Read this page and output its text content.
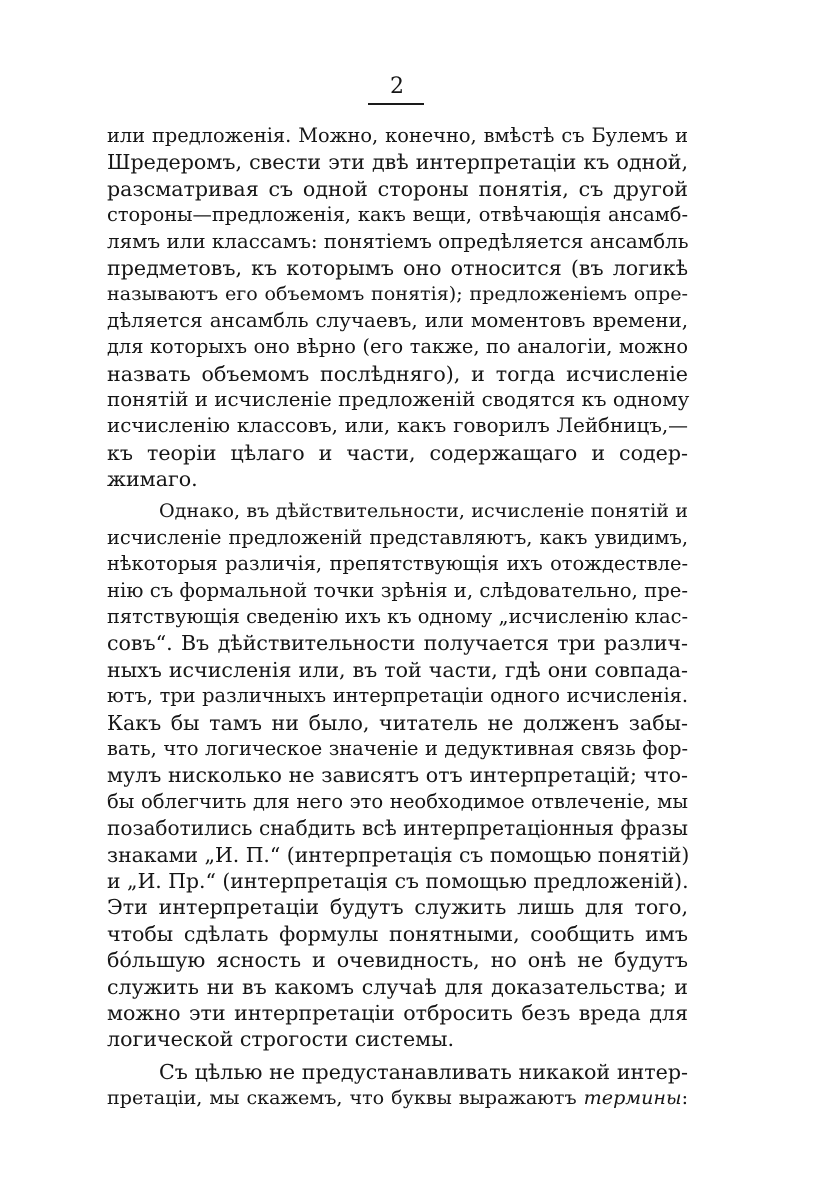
2
или предложенія. Можно, конечно, вмѣстѣ съ Булемъ и
Шредеромъ, свести эти двѣ интерпретаціи къ одной,
разсматривая съ одной стороны понятія, съ другой
стороны—предложенія, какъ вещи, отвѣчающія ансамб-
лямъ или классамъ: понятіемъ опредѣляется ансамбль
предметовъ, къ которымъ оно относится (въ логикѣ
называютъ его объемомъ понятія); предложеніемъ опре-
дѣляется ансамбль случаевъ, или моментовъ времени,
для которыхъ оно вѣрно (его также, по аналогіи, можно
назвать объемомъ послѣдняго), и тогда исчисленіе
понятій и исчисленіе предложеній сводятся къ одному
исчисленію классовъ, или, какъ говорилъ Лейбницъ,—
къ теоріи цѣлаго и части, содержащаго и содер-
жимаго.
Однако, въ дѣйствительности, исчисленіе понятій и
исчисленіе предложеній представляютъ, какъ увидимъ,
нѣкоторыя различія, препятствующія ихъ отождествле-
нію съ формальной точки зрѣнія и, слѣдовательно, пре-
пятствующія сведенію ихъ къ одному „исчисленію клас-
совъ“. Въ дѣйствительности получается три различ-
ныхъ исчисленія или, въ той части, гдѣ они совпада-
ютъ, три различныхъ интерпретаціи одного исчисленія.
Какъ бы тамъ ни было, читатель не долженъ забы-
вать, что логическое значеніе и дедуктивная связь фор-
мулъ нисколько не зависятъ отъ интерпретацій; что-
бы облегчить для него это необходимое отвлеченіе, мы
позаботились снабдить всѣ интерпретаціонныя фразы
знаками „И. П.“ (интерпретація съ помощью понятій)
и „И. Пр.“ (интерпретація съ помощью предложеній).
Эти интерпретаціи будутъ служить лишь для того,
чтобы сдѣлать формулы понятными, сообщить имъ
бо́льшую ясность и очевидность, но онѣ не будутъ
служить ни въ какомъ случаѣ для доказательства; и
можно эти интерпретаціи отбросить безъ вреда для
логической строгости системы.
Съ цѣлью не предустанавливать никакой интер-
претаціи, мы скажемъ, что буквы выражаютъ термины:
